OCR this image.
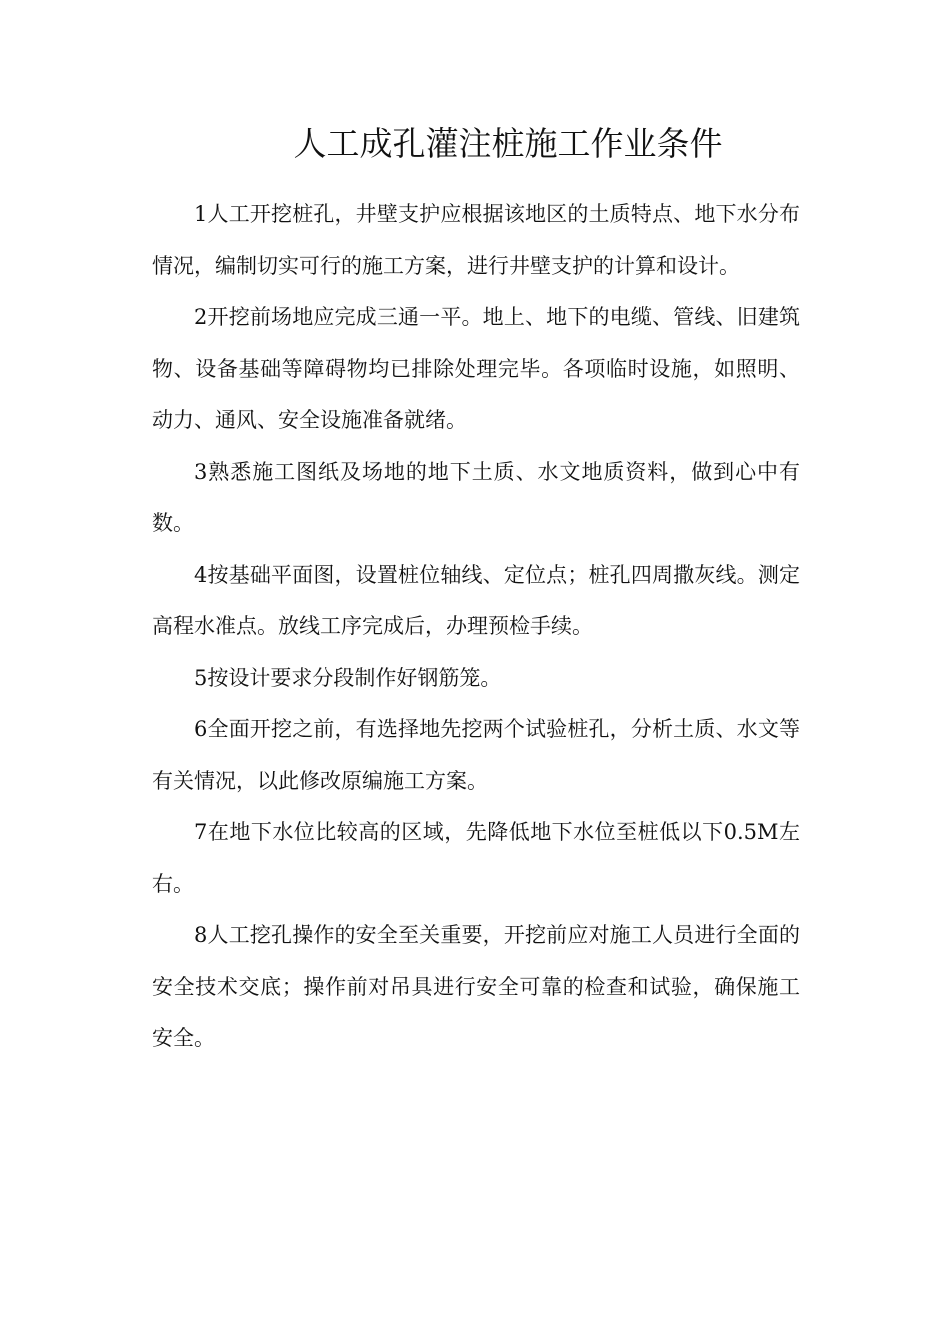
人工成孔灌注桩施工作业条件

1人工开挖桩孔，井壁支护应根据该地区的土质特点、地下水分布情况，编制切实可行的施工方案，进行井壁支护的计算和设计。

2开挖前场地应完成三通一平。地上、地下的电缆、管线、旧建筑物、设备基础等障碍物均已排除处理完毕。各项临时设施，如照明、动力、通风、安全设施准备就绪。

3熟悉施工图纸及场地的地下土质、水文地质资料，做到心中有数。

4按基础平面图，设置桩位轴线、定位点；桩孔四周撒灰线。测定高程水准点。放线工序完成后，办理预检手续。

5按设计要求分段制作好钢筋笼。

6全面开挖之前，有选择地先挖两个试验桩孔，分析土质、水文等有关情况，以此修改原编施工方案。

7在地下水位比较高的区域，先降低地下水位至桩低以下0.5M左右。

8人工挖孔操作的安全至关重要，开挖前应对施工人员进行全面的安全技术交底；操作前对吊具进行安全可靠的检查和试验，确保施工安全。
